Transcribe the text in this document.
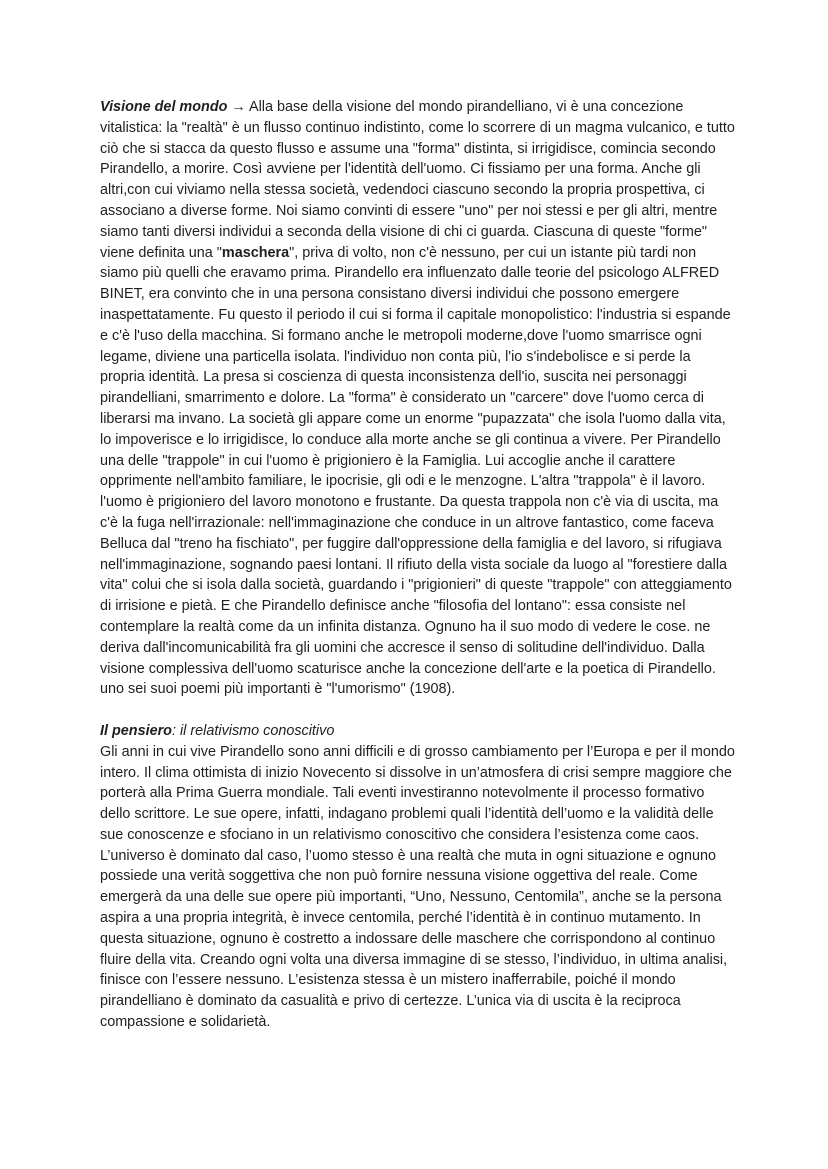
Visione del mondo → Alla base della visione del mondo pirandelliano, vi è una concezione vitalistica: la "realtà" è un flusso continuo indistinto, come lo scorrere di un magma vulcanico, e tutto ciò che si stacca da questo flusso e assume una "forma" distinta, si irrigidisce, comincia secondo Pirandello, a morire. Così avviene per l'identità dell'uomo. Ci fissiamo per una forma. Anche gli altri,con cui viviamo nella stessa società, vedendoci ciascuno secondo la propria prospettiva, ci associano a diverse forme. Noi siamo convinti di essere "uno" per noi stessi e per gli altri, mentre siamo tanti diversi individui a seconda della visione di chi ci guarda. Ciascuna di queste "forme" viene definita una "maschera", priva di volto, non c'è nessuno, per cui un istante più tardi non siamo più quelli che eravamo prima. Pirandello era influenzato dalle teorie del psicologo ALFRED BINET, era convinto che in una persona consistano diversi individui che possono emergere inaspettatamente. Fu questo il periodo il cui si forma il capitale monopolistico: l'industria si espande e c'è l'uso della macchina. Si formano anche le metropoli moderne,dove l'uomo smarrisce ogni legame, diviene una particella isolata. l'individuo non conta più, l'io s'indebolisce e si perde la propria identità. La presa si coscienza di questa inconsistenza dell'io, suscita nei personaggi pirandelliani, smarrimento e dolore. La "forma" è considerato un "carcere" dove l'uomo cerca di liberarsi ma invano. La società gli appare come un enorme "pupazzata" che isola l'uomo dalla vita, lo impoverisce e lo irrigidisce, lo conduce alla morte anche se gli continua a vivere. Per Pirandello una delle "trappole" in cui l'uomo è prigioniero è la Famiglia. Lui accoglie anche il carattere opprimente nell'ambito familiare, le ipocrisie, gli odi e le menzogne. L'altra "trappola" è il lavoro. l'uomo è prigioniero del lavoro monotono e frustante. Da questa trappola non c'è via di uscita, ma c'è la fuga nell'irrazionale: nell'immaginazione che conduce in un altrove fantastico, come faceva Belluca dal "treno ha fischiato", per fuggire dall'oppressione della famiglia e del lavoro, si rifugiava nell'immaginazione, sognando paesi lontani. Il rifiuto della vista sociale da luogo al "forestiere dalla vita" colui che si isola dalla società, guardando i "prigionieri" di queste "trappole" con atteggiamento di irrisione e pietà. E che Pirandello definisce anche "filosofia del lontano": essa consiste nel contemplare la realtà come da un infinita distanza. Ognuno ha il suo modo di vedere le cose. ne deriva dall'incomunicabilità fra gli uomini che accresce il senso di solitudine dell'individuo. Dalla visione complessiva dell'uomo scaturisce anche la concezione dell'arte e la poetica di Pirandello. uno sei suoi poemi più importanti è "l'umorismo" (1908).

Il pensiero: il relativismo conoscitivo

Gli anni in cui vive Pirandello sono anni difficili e di grosso cambiamento per l’Europa e per il mondo intero. Il clima ottimista di inizio Novecento si dissolve in un’atmosfera di crisi sempre maggiore che porterà alla Prima Guerra mondiale. Tali eventi investiranno notevolmente il processo formativo dello scrittore. Le sue opere, infatti, indagano problemi quali l’identità dell’uomo e la validità delle sue conoscenze e sfociano in un relativismo conoscitivo che considera l’esistenza come caos. L’universo è dominato dal caso, l’uomo stesso è una realtà che muta in ogni situazione e ognuno possiede una verità soggettiva che non può fornire nessuna visione oggettiva del reale. Come emergerà da una delle sue opere più importanti, “Uno, Nessuno, Centomila”, anche se la persona aspira a una propria integrità, è invece centomila, perché l’identità è in continuo mutamento. In questa situazione, ognuno è costretto a indossare delle maschere che corrispondono al continuo fluire della vita. Creando ogni volta una diversa immagine di se stesso, l’individuo, in ultima analisi, finisce con l’essere nessuno. L’esistenza stessa è un mistero inafferrabile, poiché il mondo pirandelliano è dominato da casualità e privo di certezze. L’unica via di uscita è la reciproca compassione e solidarietà.
